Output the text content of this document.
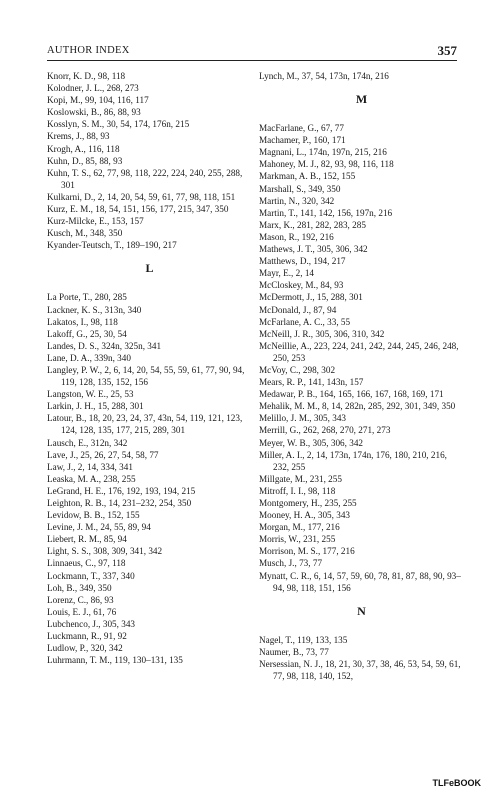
AUTHOR INDEX	357
Knorr, K. D., 98, 118
Kolodner, J. L., 268, 273
Kopi, M., 99, 104, 116, 117
Koslowski, B., 86, 88, 93
Kosslyn, S. M., 30, 54, 174, 176n, 215
Krems, J., 88, 93
Krogh, A., 116, 118
Kuhn, D., 85, 88, 93
Kuhn, T. S., 62, 77, 98, 118, 222, 224, 240, 255, 288, 301
Kulkarni, D., 2, 14, 20, 54, 59, 61, 77, 98, 118, 151
Kurz, E. M., 18, 54, 151, 156, 177, 215, 347, 350
Kurz-Milcke, E., 153, 157
Kusch, M., 348, 350
Kyander-Teutsch, T., 189–190, 217
L
La Porte, T., 280, 285
Lackner, K. S., 313n, 340
Lakatos, I., 98, 118
Lakoff, G., 25, 30, 54
Landes, D. S., 324n, 325n, 341
Lane, D. A., 339n, 340
Langley, P. W., 2, 6, 14, 20, 54, 55, 59, 61, 77, 90, 94, 119, 128, 135, 152, 156
Langston, W. E., 25, 53
Larkin, J. H., 15, 288, 301
Latour, B., 18, 20, 23, 24, 37, 43n, 54, 119, 121, 123, 124, 128, 135, 177, 215, 289, 301
Lausch, E., 312n, 342
Lave, J., 25, 26, 27, 54, 58, 77
Law, J., 2, 14, 334, 341
Leaska, M. A., 238, 255
LeGrand, H. E., 176, 192, 193, 194, 215
Leighton, R. B., 14, 231–232, 254, 350
Levidow, B. B., 152, 155
Levine, J. M., 24, 55, 89, 94
Liebert, R. M., 85, 94
Light, S. S., 308, 309, 341, 342
Linnaeus, C., 97, 118
Lockmann, T., 337, 340
Loh, B., 349, 350
Lorenz, C., 86, 93
Louis, E. J., 61, 76
Lubchenco, J., 305, 343
Luckmann, R., 91, 92
Ludlow, P., 320, 342
Luhrmann, T. M., 119, 130–131, 135
Lynch, M., 37, 54, 173n, 174n, 216
M
MacFarlane, G., 67, 77
Machamer, P., 160, 171
Magnani, L., 174n, 197n, 215, 216
Mahoney, M. J., 82, 93, 98, 116, 118
Markman, A. B., 152, 155
Marshall, S., 349, 350
Martin, N., 320, 342
Martin, T., 141, 142, 156, 197n, 216
Marx, K., 281, 282, 283, 285
Mason, R., 192, 216
Mathews, J. T., 305, 306, 342
Matthews, D., 194, 217
Mayr, E., 2, 14
McCloskey, M., 84, 93
McDermott, J., 15, 288, 301
McDonald, J., 87, 94
McFarlane, A. C., 33, 55
McNeill, J. R., 305, 306, 310, 342
McNeillie, A., 223, 224, 241, 242, 244, 245, 246, 248, 250, 253
McVoy, C., 298, 302
Mears, R. P., 141, 143n, 157
Medawar, P. B., 164, 165, 166, 167, 168, 169, 171
Mehalik, M. M., 8, 14, 282n, 285, 292, 301, 349, 350
Melillo, J. M., 305, 343
Merrill, G., 262, 268, 270, 271, 273
Meyer, W. B., 305, 306, 342
Miller, A. I., 2, 14, 173n, 174n, 176, 180, 210, 216, 232, 255
Millgate, M., 231, 255
Mitroff, I. I., 98, 118
Montgomery, H., 235, 255
Mooney, H. A., 305, 343
Morgan, M., 177, 216
Morris, W., 231, 255
Morrison, M. S., 177, 216
Musch, J., 73, 77
Mynatt, C. R., 6, 14, 57, 59, 60, 78, 81, 87, 88, 90, 93–94, 98, 118, 151, 156
N
Nagel, T., 119, 133, 135
Naumer, B., 73, 77
Nersessian, N. J., 18, 21, 30, 37, 38, 46, 53, 54, 59, 61, 77, 98, 118, 140, 152,
TLFeBOOK
